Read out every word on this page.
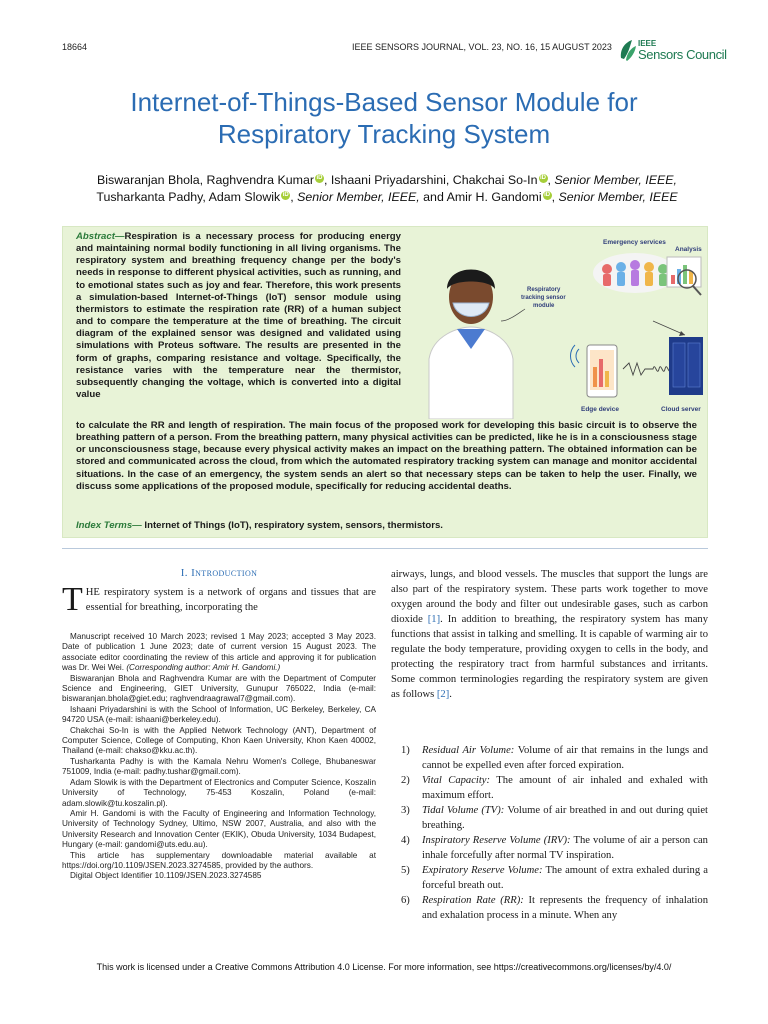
18664	IEEE SENSORS JOURNAL, VOL. 23, NO. 16, 15 AUGUST 2023	IEEE
Sensors Council
Internet-of-Things-Based Sensor Module for
Respiratory Tracking System
Biswaranjan Bhola, Raghvendra Kumar iD , Ishaani Priyadarshini, Chakchai So-In iD , Senior Member, IEEE,
Tusharkanta Padhy, Adam Slowik iD , Senior Member, IEEE, and Amir H. Gandomi iD , Senior Member, IEEE
Abstract—Respiration is a necessary process for producing energy and maintaining normal bodily functioning in all living organisms. The respiratory system and breathing frequency change per the body's needs in response to different physical activities, such as running, and to emotional states such as joy and fear. Therefore, this work presents a simulation-based Internet-of-Things (IoT) sensor module using thermistors to estimate the respiration rate (RR) of a human subject and to compare the temperature at the time of breathing. The circuit diagram of the explained sensor was designed and validated using simulations with Proteus software. The results are presented in the form of graphs, comparing resistance and voltage. Specifically, the resistance varies with the temperature near the thermistor, subsequently changing the voltage, which is converted into a digital value
Respiratory
tracking sensor
module
Emergency services
Analysis
Edge device	Cloud server
to calculate the RR and length of respiration. The main focus of the proposed work for developing this basic circuit is to observe the breathing pattern of a person. From the breathing pattern, many physical activities can be predicted, like he is in a consciousness stage or unconsciousness stage, because every physical activity makes an impact on the breathing pattern. The obtained information can be stored and communicated across the cloud, from which the automated respiratory tracking system can manage and monitor accidental situations. In the case of an emergency, the system sends an alert so that necessary steps can be taken to help the user. Finally, we discuss some applications of the proposed module, specifically for reducing accidental deaths.
Index Terms— Internet of Things (IoT), respiratory system, sensors, thermistors.
I. Introduction
THE respiratory system is a network of organs and tissues that are essential for breathing, incorporating the

Manuscript received 10 March 2023; revised 1 May 2023; accepted 3 May 2023. Date of publication 1 June 2023; date of current version 15 August 2023. The associate editor coordinating the review of this article and approving it for publication was Dr. Wei Wei. (Corresponding author: Amir H. Gandomi.)

Biswaranjan Bhola and Raghvendra Kumar are with the Department of Computer Science and Engineering, GIET University, Gunupur 765022, India (e-mail: biswaranjan.bhola@giet.edu; raghvendraagrawal7@gmail.com).

Ishaani Priyadarshini is with the School of Information, UC Berkeley, Berkeley, CA 94720 USA (e-mail: ishaani@berkeley.edu).

Chakchai So-In is with the Applied Network Technology (ANT), Department of Computer Science, College of Computing, Khon Kaen University, Khon Kaen 40002, Thailand (e-mail: chakso@kku.ac.th).

Tusharkanta Padhy is with the Kamala Nehru Women's College, Bhubaneswar 751009, India (e-mail: padhy.tushar@gmail.com).

Adam Slowik is with the Department of Electronics and Computer Science, Koszalin University of Technology, 75-453 Koszalin, Poland (e-mail: adam.slowik@tu.koszalin.pl).

Amir H. Gandomi is with the Faculty of Engineering and Information Technology, University of Technology Sydney, Ultimo, NSW 2007, Australia, and also with the University Research and Innovation Center (EKIK), Obuda University, 1034 Budapest, Hungary (e-mail: gandomi@uts.edu.au).

This article has supplementary downloadable material available at https://doi.org/10.1109/JSEN.2023.3274585, provided by the authors.

Digital Object Identifier 10.1109/JSEN.2023.3274585

airways, lungs, and blood vessels. The muscles that support the lungs are also part of the respiratory system. These parts work together to move oxygen around the body and filter out undesirable gases, such as carbon dioxide [1]. In addition to breathing, the respiratory system has many functions that assist in talking and smelling. It is capable of warming air to regulate the body temperature, providing oxygen to cells in the body, and protecting the respiratory tract from harmful substances and irritants. Some common terminologies regarding the respiratory system are given as follows [2].

1) Residual Air Volume: Volume of air that remains in the lungs and cannot be expelled even after forced expiration.
2) Vital Capacity: The amount of air inhaled and exhaled with maximum effort.
3) Tidal Volume (TV): Volume of air breathed in and out during quiet breathing.
4) Inspiratory Reserve Volume (IRV): The volume of air a person can inhale forcefully after normal TV inspiration.
5) Expiratory Reserve Volume: The amount of extra exhaled during a forceful breath out.
6) Respiration Rate (RR): It represents the frequency of inhalation and exhalation process in a minute. When any
This work is licensed under a Creative Commons Attribution 4.0 License. For more information, see https://creativecommons.org/licenses/by/4.0/
